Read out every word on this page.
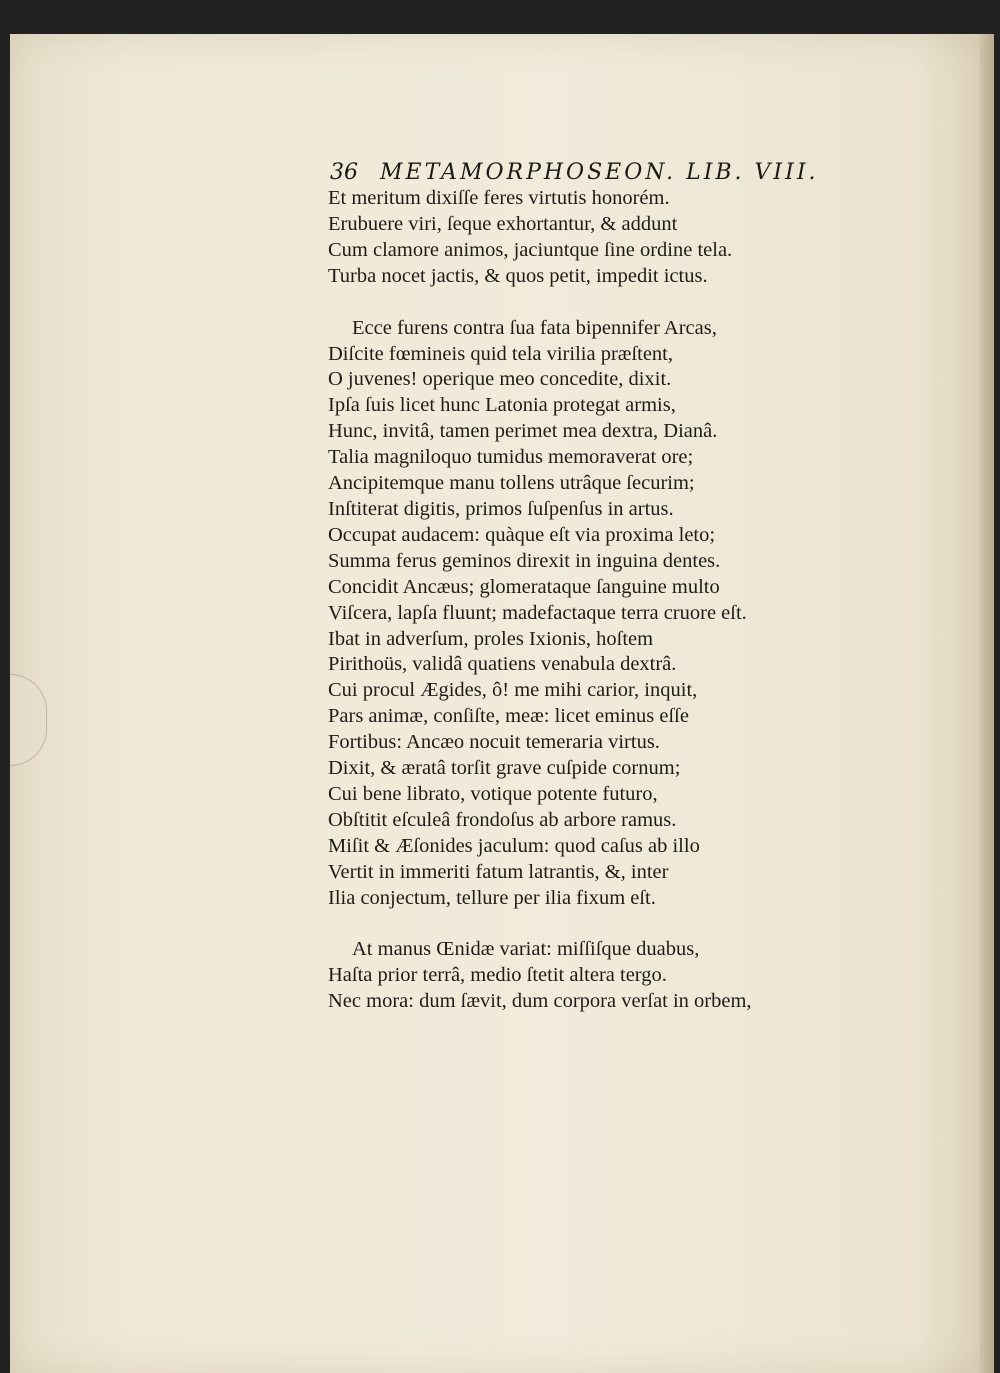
36 METAMORPHOSEON. LIB. VIII.
Et meritum dixiſſe feres virtutis honorém.
Erubuere viri, ſeque exhortantur, & addunt
Cum clamore animos, jaciuntque ſine ordine tela.
Turba nocet jactis, & quos petit, impedit ictus.
Ecce furens contra ſua fata bipennifer Arcas,
Diſcite fœmineis quid tela virilia præſtent,
O juvenes! operique meo concedite, dixit.
Ipſa ſuis licet hunc Latonia protegat armis,
Hunc, invitâ, tamen perimet mea dextra, Dianâ.
Talia magniloquo tumidus memoraverat ore;
Ancipitemque manu tollens utrâque ſecurim;
Inſtiterat digitis, primos ſuſpenſus in artus.
Occupat audacem: quàque eſt via proxima leto;
Summa ferus geminos direxit in inguina dentes.
Concidit Ancæus; glomerataque ſanguine multo
Viſcera, lapſa fluunt; madefactaque terra cruore eſt.
Ibat in adverſum, proles Ixionis, hoſtem
Pirithoüs, validâ quatiens venabula dextrâ.
Cui procul Ægides, ô! me mihi carior, inquit,
Pars animæ, conſiſte, meæ: licet eminus eſſe
Fortibus: Ancæo nocuit temeraria virtus.
Dixit, & æratâ torſit grave cuſpide cornum;
Cui bene librato, votique potente futuro,
Obſtitit eſculeâ frondoſus ab arbore ramus.
Miſit & Æſonides jaculum: quod caſus ab illo
Vertit in immeriti fatum latrantis, &, inter
Ilia conjectum, tellure per ilia fixum eſt.
At manus Œnidæ variat: miſſiſque duabus,
Haſta prior terrâ, medio ſtetit altera tergo.
Nec mora: dum ſævit, dum corpora verſat in orbem,
